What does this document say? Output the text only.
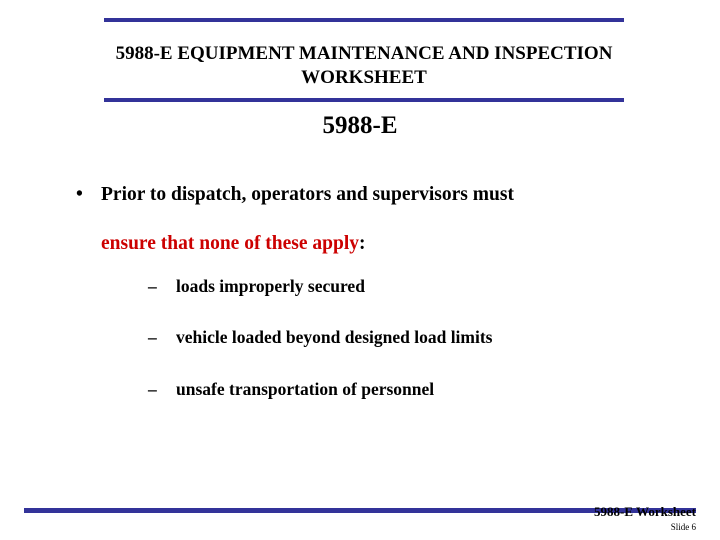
5988-E EQUIPMENT MAINTENANCE AND INSPECTION WORKSHEET
5988-E
• Prior to dispatch, operators and supervisors must
ensure that none of these apply:
– loads improperly secured
– vehicle loaded beyond designed load limits
– unsafe transportation of personnel
5988-E Worksheet
Slide 6
